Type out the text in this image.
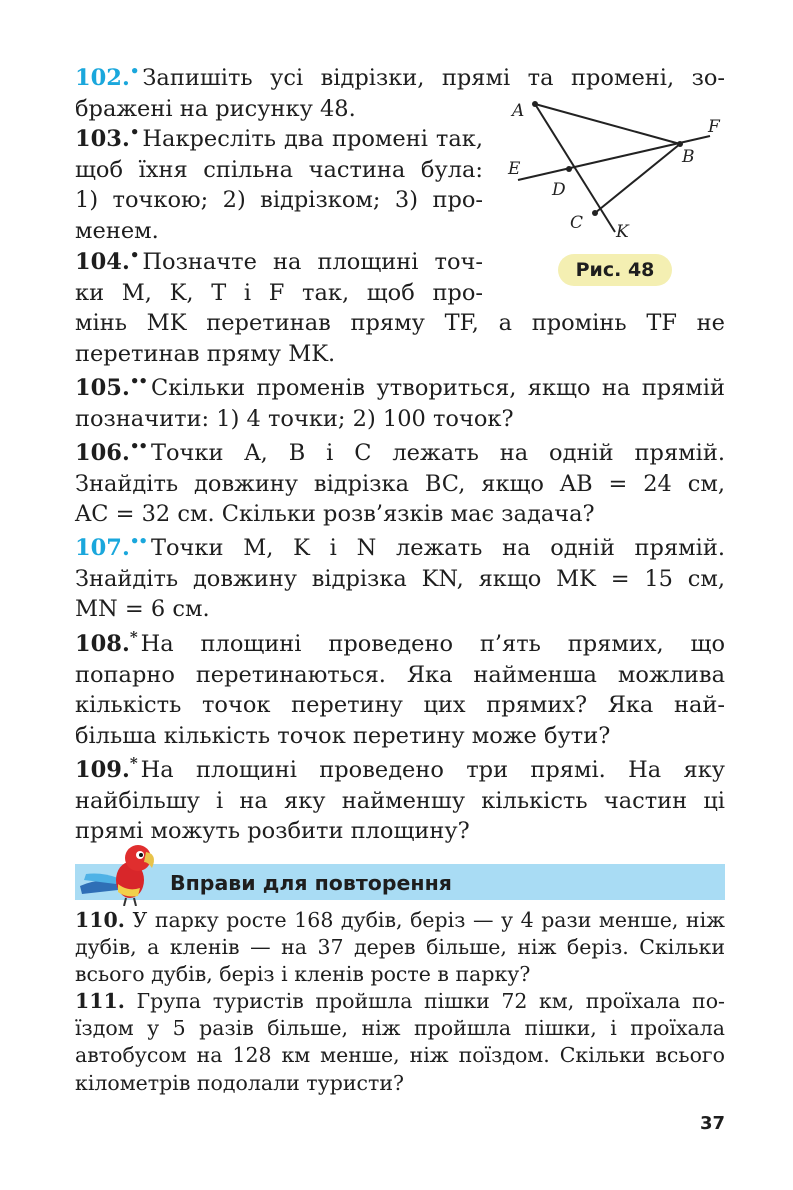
102.• Запишіть усі відрізки, прямі та промені, зо-
бражені на рисунку 48.
103.• Накресліть два промені так,
щоб їхня спільна частина була:
1) точкою; 2) відрізком; 3) про-
менем.
A
B
C
D
E
F
K
Рис. 48
104.• Позначте на площині точ-
ки M, K, T і F так, щоб про-
мінь MK перетинав пряму TF, а промінь TF не
перетинав пряму MK.
105.•• Скільки променів утвориться, якщо на прямій
позначити: 1) 4 точки; 2) 100 точок?
106.•• Точки A, B і C лежать на одній прямій.
Знайдіть довжину відрізка BC, якщо AB = 24 см,
AC = 32 см. Скільки розв’язків має задача?
107.•• Точки M, K і N лежать на одній прямій.
Знайдіть довжину відрізка KN, якщо MK = 15 см,
MN = 6 см.
108.* На площині проведено п’ять прямих, що
попарно перетинаються. Яка найменша можлива
кількість точок перетину цих прямих? Яка най-
більша кількість точок перетину може бути?
109.* На площині проведено три прямі. На яку
найбільшу і на яку найменшу кількість частин ці
прямі можуть розбити площину?
Вправи для повторення
110. У парку росте 168 дубів, беріз — у 4 рази менше, ніж
дубів, а кленів — на 37 дерев більше, ніж беріз. Скільки
всього дубів, беріз і кленів росте в парку?
111. Група туристів пройшла пішки 72 км, проїхала по-
їздом у 5 разів більше, ніж пройшла пішки, і проїхала
автобусом на 128 км менше, ніж поїздом. Скільки всього
кілометрів подолали туристи?
37
